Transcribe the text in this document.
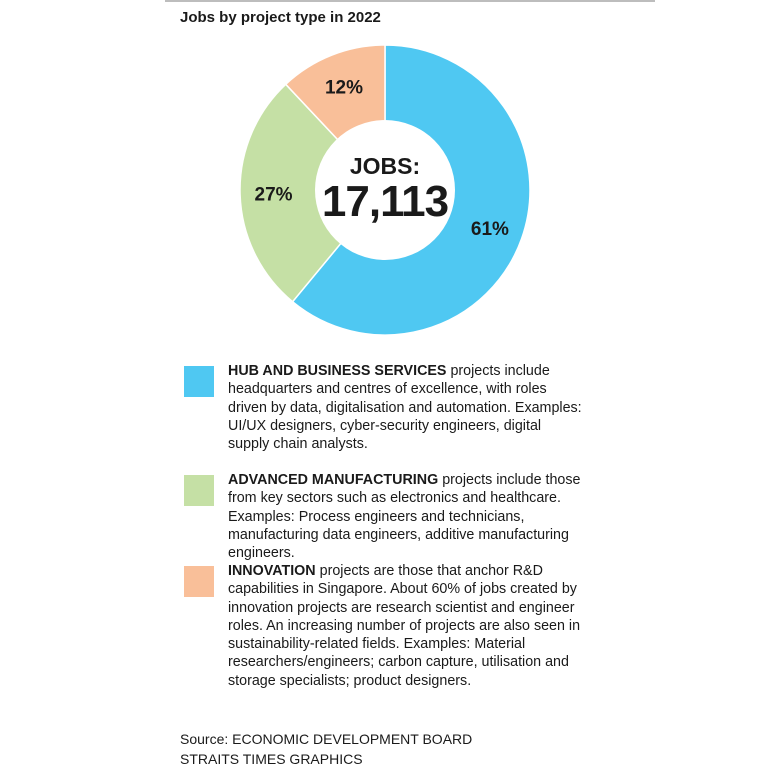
Jobs by project type in 2022
JOBS:
17,113
61%
27%
12%
HUB AND BUSINESS SERVICES projects include headquarters and centres of excellence, with roles driven by data, digitalisation and automation. Examples: UI/UX designers, cyber-security engineers, digital supply chain analysts.
ADVANCED MANUFACTURING projects include those from key sectors such as electronics and healthcare. Examples: Process engineers and technicians, manufacturing data engineers, additive manufacturing engineers.
INNOVATION projects are those that anchor R&D capabilities in Singapore. About 60% of jobs created by innovation projects are research scientist and engineer roles. An increasing number of projects are also seen in sustainability-related fields. Examples: Material researchers/engineers; carbon capture, utilisation and storage specialists; product designers.
Source: ECONOMIC DEVELOPMENT BOARD
STRAITS TIMES GRAPHICS
